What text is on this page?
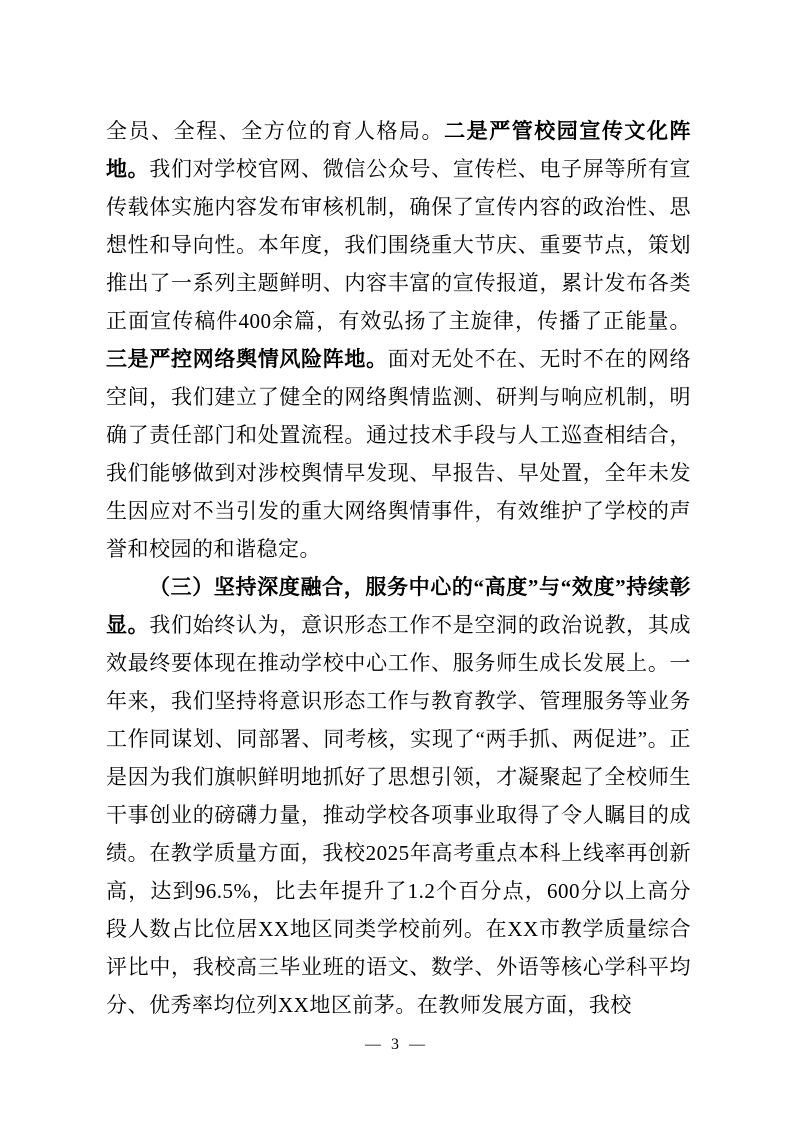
全员、全程、全方位的育人格局。二是严管校园宣传文化阵地。我们对学校官网、微信公众号、宣传栏、电子屏等所有宣传载体实施内容发布审核机制，确保了宣传内容的政治性、思想性和导向性。本年度，我们围绕重大节庆、重要节点，策划推出了一系列主题鲜明、内容丰富的宣传报道，累计发布各类正面宣传稿件400余篇，有效弘扬了主旋律，传播了正能量。三是严控网络舆情风险阵地。面对无处不在、无时不在的网络空间，我们建立了健全的网络舆情监测、研判与响应机制，明确了责任部门和处置流程。通过技术手段与人工巡查相结合，我们能够做到对涉校舆情早发现、早报告、早处置，全年未发生因应对不当引发的重大网络舆情事件，有效维护了学校的声誉和校园的和谐稳定。

（三）坚持深度融合，服务中心的“高度”与“效度”持续彰显。我们始终认为，意识形态工作不是空洞的政治说教，其成效最终要体现在推动学校中心工作、服务师生成长发展上。一年来，我们坚持将意识形态工作与教育教学、管理服务等业务工作同谋划、同部署、同考核，实现了“两手抓、两促进”。正是因为我们旗帜鲜明地抓好了思想引领，才凝聚起了全校师生干事创业的磅礴力量，推动学校各项事业取得了令人瞩目的成绩。在教学质量方面，我校2025年高考重点本科上线率再创新高，达到96.5%，比去年提升了1.2个百分点，600分以上高分段人数占比位居XX地区同类学校前列。在XX市教学质量综合评比中，我校高三毕业班的语文、数学、外语等核心学科平均分、优秀率均位列XX地区前茅。在教师发展方面，我校

— 3 —
